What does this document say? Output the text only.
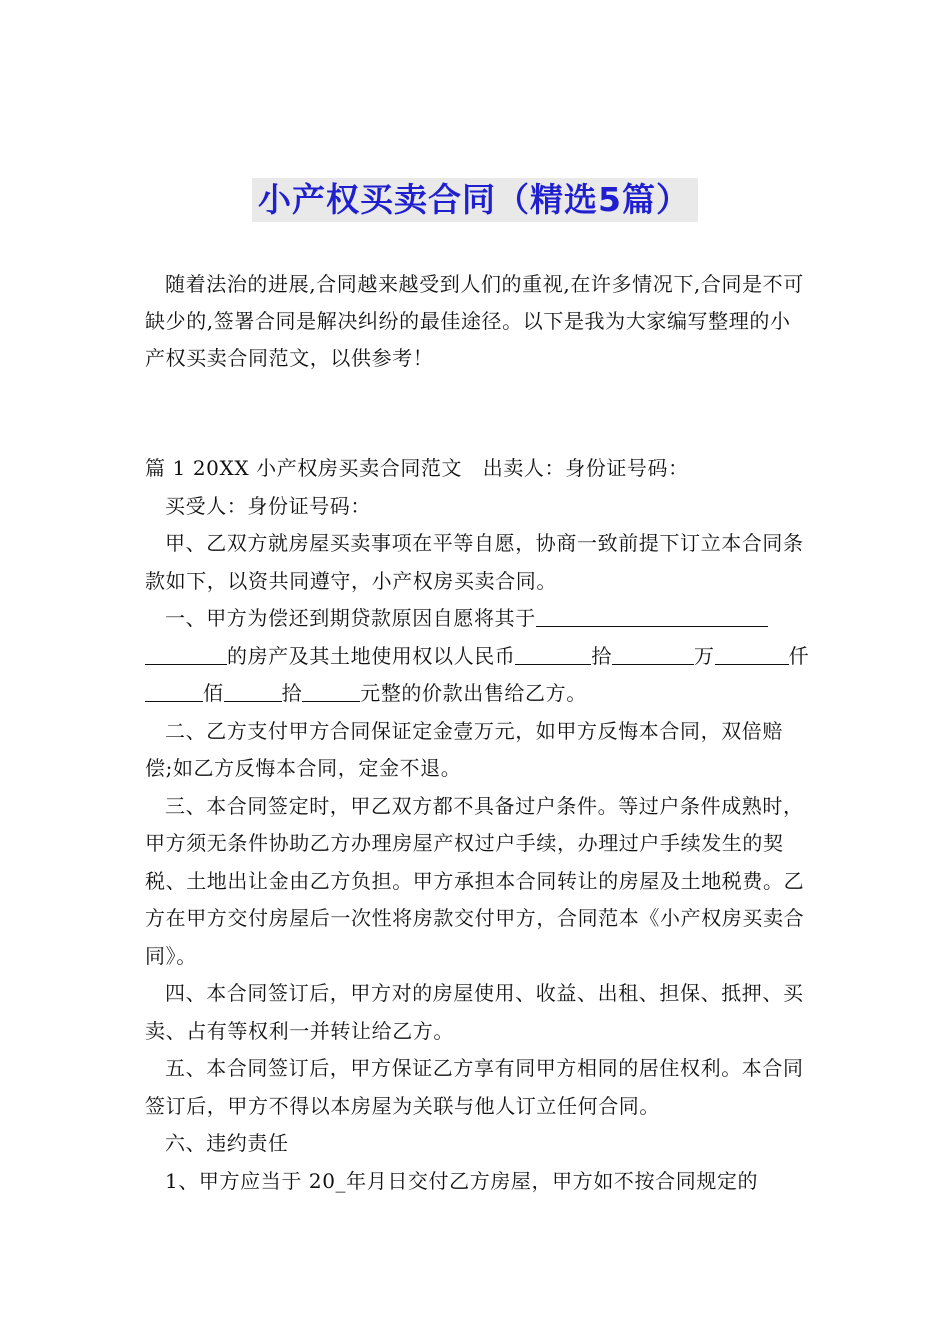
小产权买卖合同（精选5篇）

随着法治的进展,合同越来越受到人们的重视,在许多情况下,合同是不可缺少的,签署合同是解决纠纷的最佳途径。以下是我为大家编写整理的小产权买卖合同范文，以供参考！

篇 1 20XX 小产权房买卖合同范文　出卖人：身份证号码：

买受人：身份证号码：

甲、乙双方就房屋买卖事项在平等自愿，协商一致前提下订立本合同条款如下，以资共同遵守，小产权房买卖合同。

一、甲方为偿还到期贷款原因自愿将其于的房产及其土地使用权以人民币	拾	万	仟佰	拾	元整的价款出售给乙方。

二、乙方支付甲方合同保证定金壹万元，如甲方反悔本合同，双倍赔偿;如乙方反悔本合同，定金不退。

三、本合同签定时，甲乙双方都不具备过户条件。等过户条件成熟时，甲方须无条件协助乙方办理房屋产权过户手续，办理过户手续发生的契税、土地出让金由乙方负担。甲方承担本合同转让的房屋及土地税费。乙方在甲方交付房屋后一次性将房款交付甲方，合同范本《小产权房买卖合同》。

四、本合同签订后，甲方对的房屋使用、收益、出租、担保、抵押、买卖、占有等权利一并转让给乙方。

五、本合同签订后，甲方保证乙方享有同甲方相同的居住权利。本合同签订后，甲方不得以本房屋为关联与他人订立任何合同。

六、违约责任

1、甲方应当于 20_年月日交付乙方房屋，甲方如不按合同规定的
